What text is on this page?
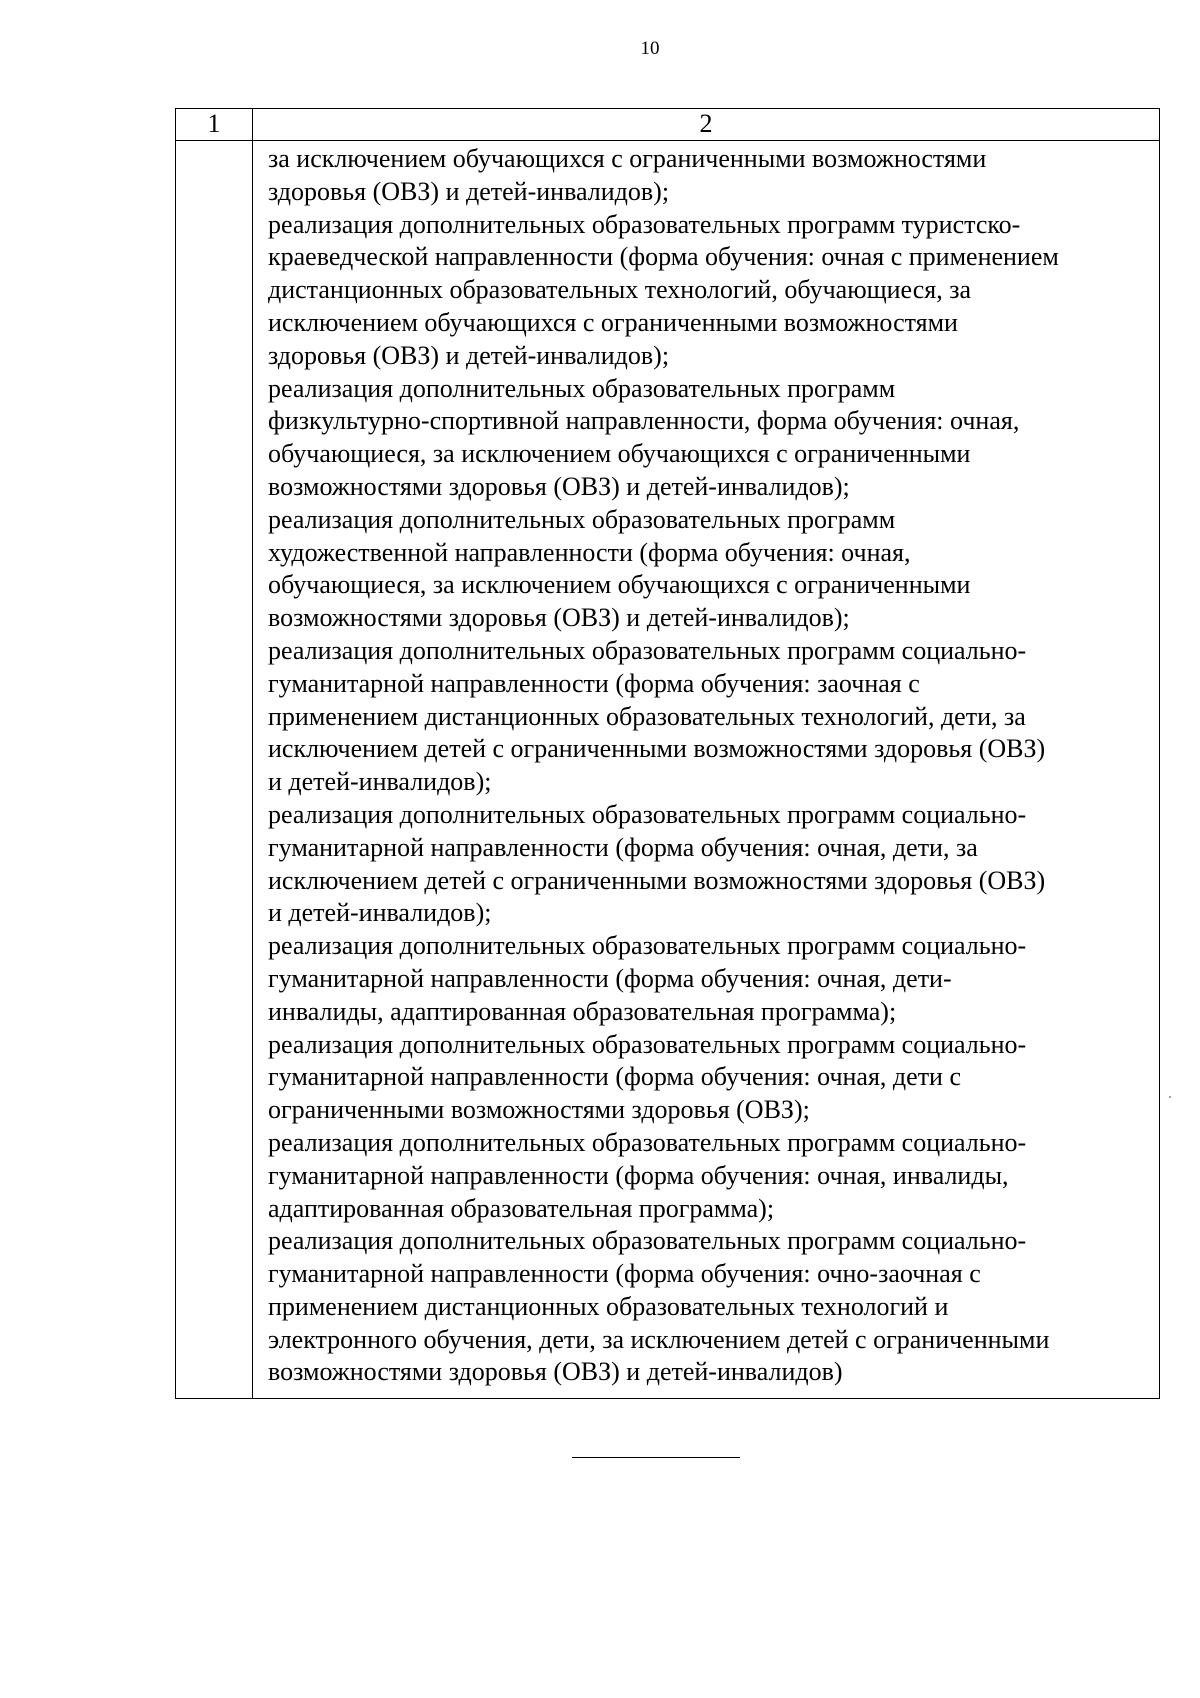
10
1	2
за исключением обучающихся с ограниченными возможностями
здоровья (ОВЗ) и детей-инвалидов);
реализация дополнительных образовательных программ туристско-
краеведческой направленности (форма обучения: очная с применением
дистанционных образовательных технологий, обучающиеся, за
исключением обучающихся с ограниченными возможностями
здоровья (ОВЗ) и детей-инвалидов);
реализация дополнительных образовательных программ
физкультурно-спортивной направленности, форма обучения: очная,
обучающиеся, за исключением обучающихся с ограниченными
возможностями здоровья (ОВЗ) и детей-инвалидов);
реализация дополнительных образовательных программ
художественной направленности (форма обучения: очная,
обучающиеся, за исключением обучающихся с ограниченными
возможностями здоровья (ОВЗ) и детей-инвалидов);
реализация дополнительных образовательных программ социально-
гуманитарной направленности (форма обучения: заочная с
применением дистанционных образовательных технологий, дети, за
исключением детей с ограниченными возможностями здоровья (ОВЗ)
и детей-инвалидов);
реализация дополнительных образовательных программ социально-
гуманитарной направленности (форма обучения: очная, дети, за
исключением детей с ограниченными возможностями здоровья (ОВЗ)
и детей-инвалидов);
реализация дополнительных образовательных программ социально-
гуманитарной направленности (форма обучения: очная, дети-
инвалиды, адаптированная образовательная программа);
реализация дополнительных образовательных программ социально-
гуманитарной направленности (форма обучения: очная, дети с
ограниченными возможностями здоровья (ОВЗ);
реализация дополнительных образовательных программ социально-
гуманитарной направленности (форма обучения: очная, инвалиды,
адаптированная образовательная программа);
реализация дополнительных образовательных программ социально-
гуманитарной направленности (форма обучения: очно-заочная с
применением дистанционных образовательных технологий и
электронного обучения, дети, за исключением детей с ограниченными
возможностями здоровья (ОВЗ) и детей-инвалидов)
